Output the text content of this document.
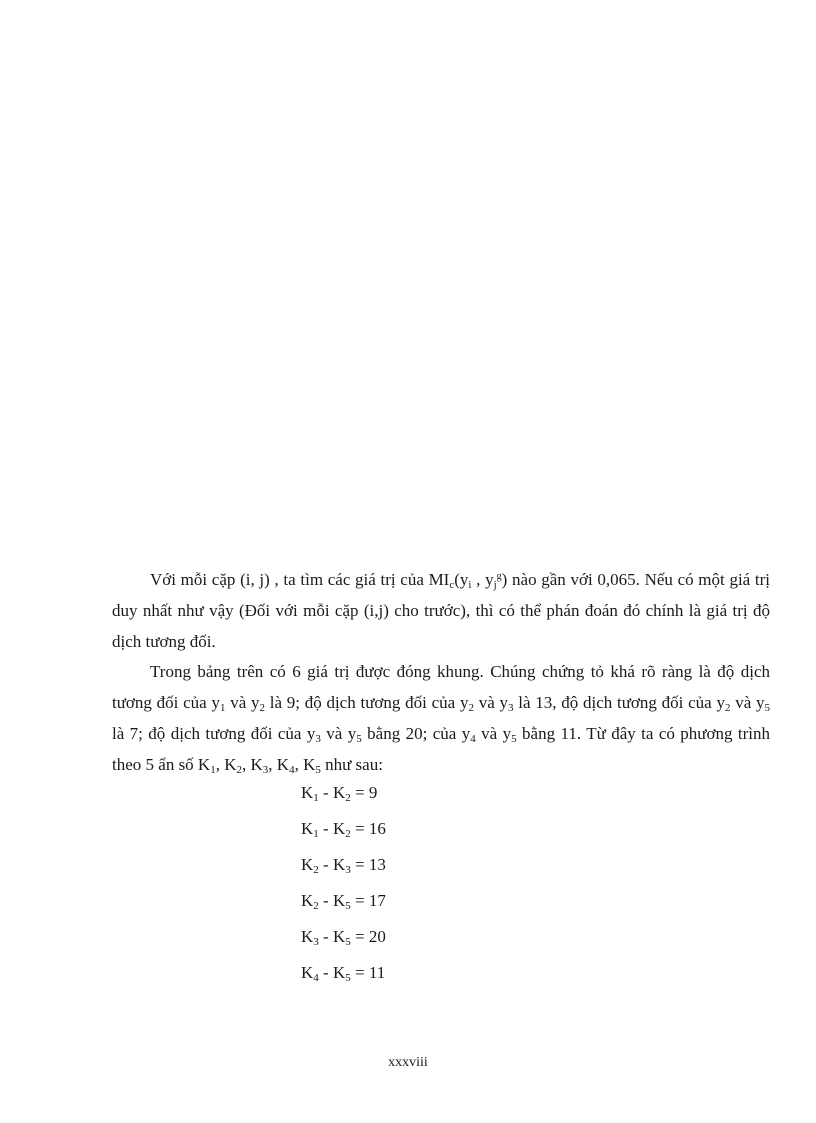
Với mỗi cặp (i, j) , ta tìm các giá trị của $MI_c(y_i$ , $y_j^g$) nào gần với 0,065. Nếu có một giá trị duy nhất như vậy (Đối với mỗi cặp (i,j) cho trước), thì có thể phán đoán đó chính là giá trị độ dịch tương đối.

Trong bảng trên có 6 giá trị được đóng khung. Chúng chứng tỏ khá rõ ràng là độ dịch tương đối của $y_1$ và $y_2$ là 9; độ dịch tương đối của $y_2$ và $y_3$ là 13, độ dịch tương đối của $y_2$ và $y_5$ là 7; độ dịch tương đối của $y_3$ và $y_5$ bằng 20; của $y_4$ và $y_5$ bằng 11. Từ đây ta có phương trình theo 5 ẩn số $K_1$, $K_2$, $K_3$, $K_4$, $K_5$ như sau:

$K_1 - K_2 = 9$
$K_1 - K_2 = 16$
$K_2 - K_3 = 13$
$K_2 - K_5 = 17$
$K_3 - K_5 = 20$
$K_4 - K_5 = 11$
xxxviii
